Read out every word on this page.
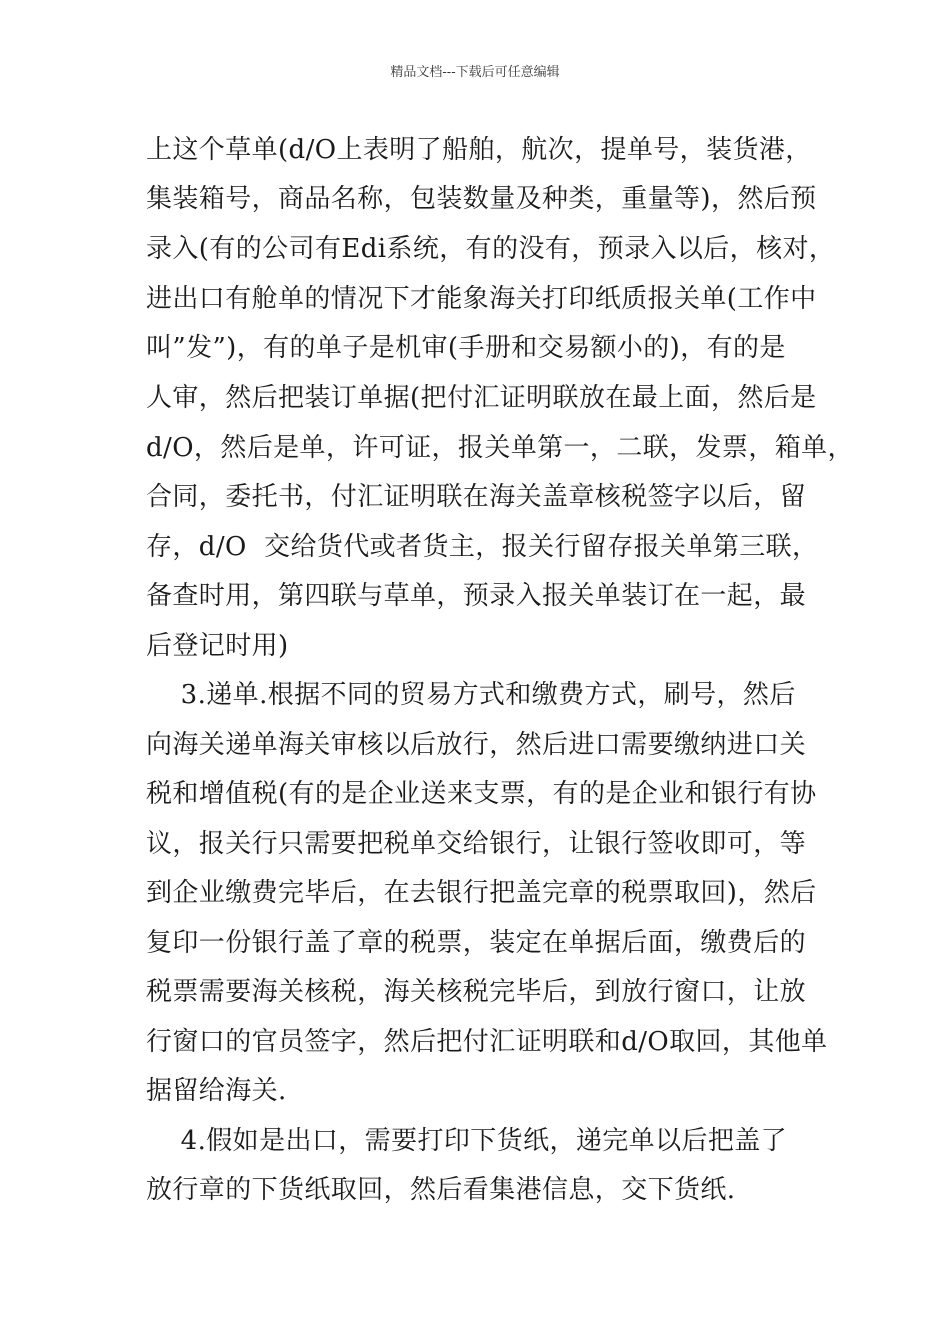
精品文档---下载后可任意编辑
上这个草单(d/O上表明了船舶，航次，提单号，装货港，
集装箱号，商品名称，包装数量及种类，重量等)，然后预
录入(有的公司有Edi系统，有的没有，预录入以后，核对，
进出口有舱单的情况下才能象海关打印纸质报关单(工作中
叫”发”)，有的单子是机审(手册和交易额小的)，有的是
人审，然后把装订单据(把付汇证明联放在最上面，然后是
d/O，然后是单，许可证，报关单第一，二联，发票，箱单，
合同，委托书，付汇证明联在海关盖章核税签字以后，留
存，d/O  交给货代或者货主，报关行留存报关单第三联，
备查时用，第四联与草单，预录入报关单装订在一起，最
后登记时用)
3.递单.根据不同的贸易方式和缴费方式，刷号，然后
向海关递单海关审核以后放行，然后进口需要缴纳进口关
税和增值税(有的是企业送来支票，有的是企业和银行有协
议，报关行只需要把税单交给银行，让银行签收即可，等
到企业缴费完毕后，在去银行把盖完章的税票取回)，然后
复印一份银行盖了章的税票，装定在单据后面，缴费后的
税票需要海关核税，海关核税完毕后，到放行窗口，让放
行窗口的官员签字，然后把付汇证明联和d/O取回，其他单
据留给海关.
4.假如是出口，需要打印下货纸，递完单以后把盖了
放行章的下货纸取回，然后看集港信息，交下货纸.
